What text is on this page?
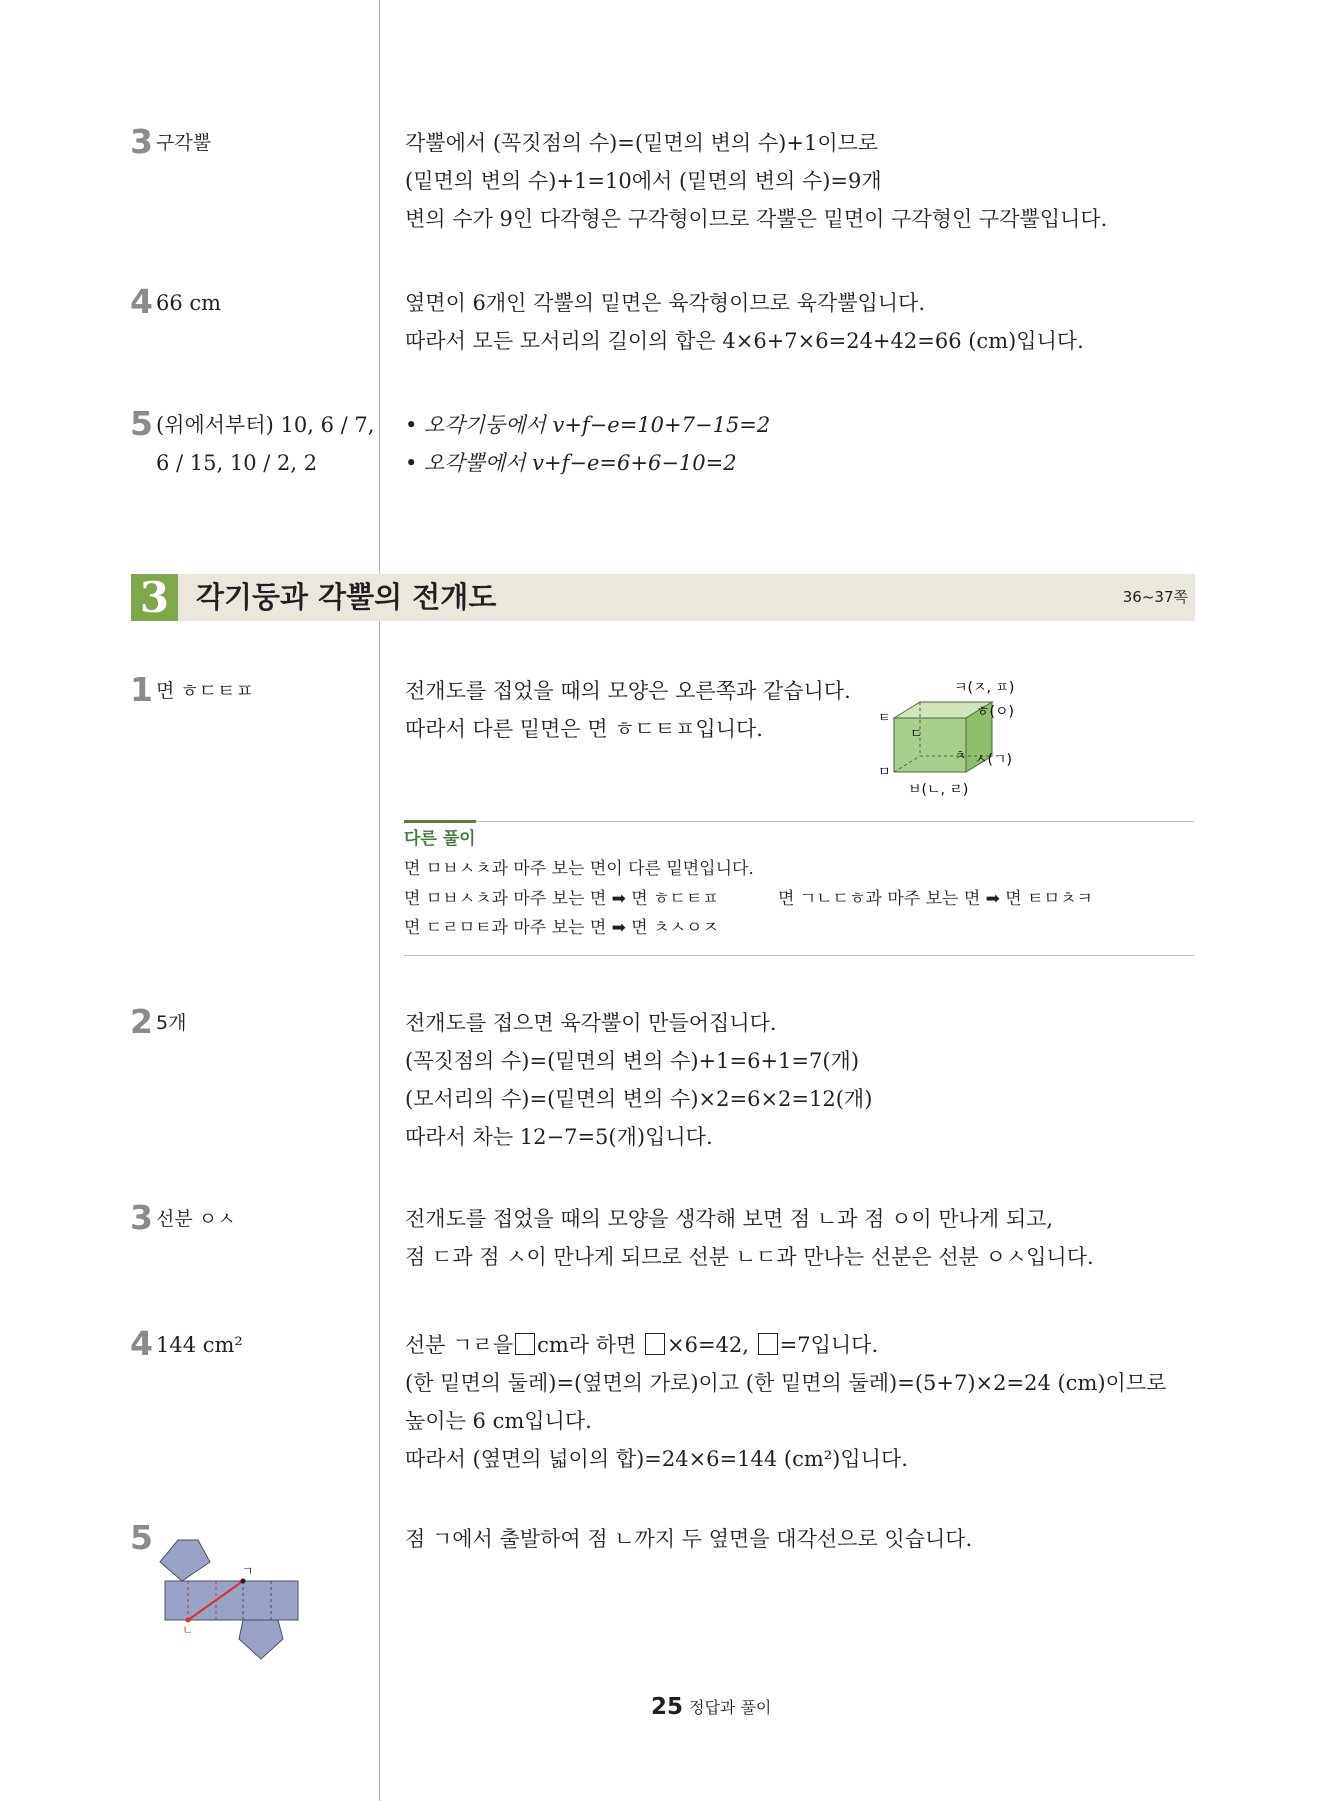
3 구각뿔	각뿔에서 (꼭짓점의 수)=(밑면의 변의 수)+1이므로
(밑면의 변의 수)+1=10에서 (밑면의 변의 수)=9개
변의 수가 9인 다각형은 구각형이므로 각뿔은 밑면이 구각형인 구각뿔입니다.
4 66 cm	옆면이 6개인 각뿔의 밑면은 육각형이므로 육각뿔입니다.
따라서 모든 모서리의 길이의 합은 4×6+7×6=24+42=66 (cm)입니다.
5 (위에서부터) 10, 6 / 7,
6 / 15, 10 / 2, 2
• 오각기둥에서 v+f−e=10+7−15=2
• 오각뿔에서 v+f−e=6+6−10=2
3 각기둥과 각뿔의 전개도	36~37쪽
1 면 ㅎㄷㅌㅍ	전개도를 접었을 때의 모양은 오른쪽과 같습니다.
따라서 다른 밑면은 면 ㅎㄷㅌㅍ입니다.
ㅋ(ㅈ, ㅍ)
ㅎ(ㅇ)
ㅌ
ㄷ
ㅊ ㅅ(ㄱ)
ㅁ
ㅂ(ㄴ, ㄹ)
다른 풀이
면 ㅁㅂㅅㅊ과 마주 보는 면이 다른 밑면입니다.
면 ㅁㅂㅅㅊ과 마주 보는 면 ➡ 면 ㅎㄷㅌㅍ	면 ㄱㄴㄷㅎ과 마주 보는 면 ➡ 면 ㅌㅁㅊㅋ
면 ㄷㄹㅁㅌ과 마주 보는 면 ➡ 면 ㅊㅅㅇㅈ
2 5개	전개도를 접으면 육각뿔이 만들어집니다.
(꼭짓점의 수)=(밑면의 변의 수)+1=6+1=7(개)
(모서리의 수)=(밑면의 변의 수)×2=6×2=12(개)
따라서 차는 12−7=5(개)입니다.
3 선분 ㅇㅅ	전개도를 접었을 때의 모양을 생각해 보면 점 ㄴ과 점 ㅇ이 만나게 되고,
점 ㄷ과 점 ㅅ이 만나게 되므로 선분 ㄴㄷ과 만나는 선분은 선분 ㅇㅅ입니다.
4 144 cm²	선분 ㄱㄹ을 cm라 하면 ×6=42, =7입니다.
(한 밑면의 둘레)=(옆면의 가로)이고 (한 밑면의 둘레)=(5+7)×2=24 (cm)이므로
높이는 6 cm입니다.
따라서 (옆면의 넓이의 합)=24×6=144 (cm²)입니다.
5	점 ㄱ에서 출발하여 점 ㄴ까지 두 옆면을 대각선으로 잇습니다.
ㄱ
ㄴ
25 정답과 풀이
